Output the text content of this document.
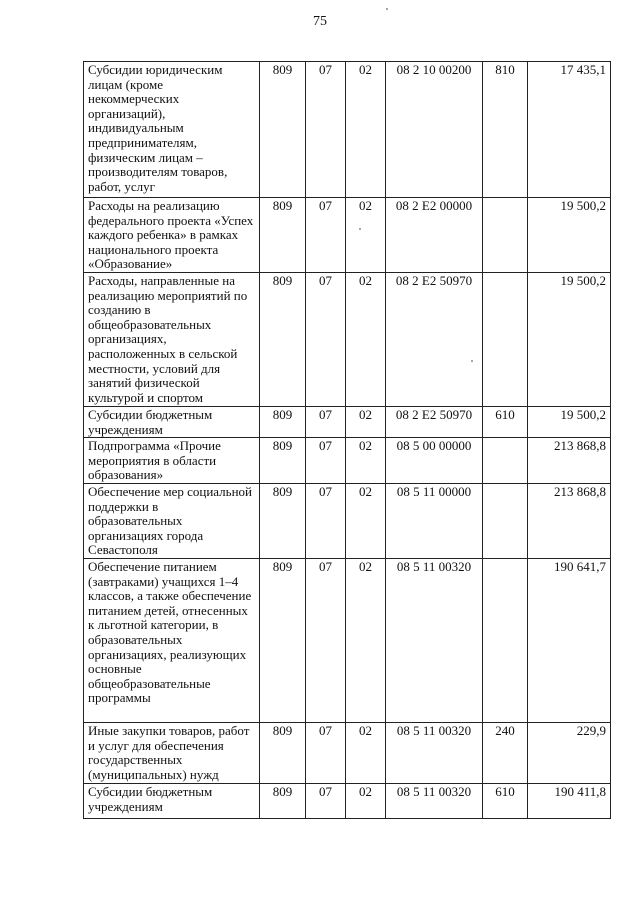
75
Субсидии юридическим лицам (кроме некоммерческих организаций), индивидуальным предпринимателям, физическим лицам – производителям товаров, работ, услуг	809	07	02	08 2 10 00200	810	17 435,1
Расходы на реализацию федерального проекта «Успех каждого ребенка» в рамках национального проекта «Образование»	809	07	02	08 2 E2 00000		19 500,2
Расходы, направленные на реализацию мероприятий по созданию в общеобразовательных организациях, расположенных в сельской местности, условий для занятий физической культурой и спортом	809	07	02	08 2 E2 50970		19 500,2
Субсидии бюджетным учреждениям	809	07	02	08 2 E2 50970	610	19 500,2
Подпрограмма «Прочие мероприятия в области образования»	809	07	02	08 5 00 00000		213 868,8
Обеспечение мер социальной поддержки в образовательных организациях города Севастополя	809	07	02	08 5 11 00000		213 868,8
Обеспечение питанием (завтраками) учащихся 1–4 классов, а также обеспечение питанием детей, отнесенных к льготной категории, в образовательных организациях, реализующих основные общеобразовательные программы	809	07	02	08 5 11 00320		190 641,7
Иные закупки товаров, работ и услуг для обеспечения государственных (муниципальных) нужд	809	07	02	08 5 11 00320	240	229,9
Субсидии бюджетным учреждениям	809	07	02	08 5 11 00320	610	190 411,8
